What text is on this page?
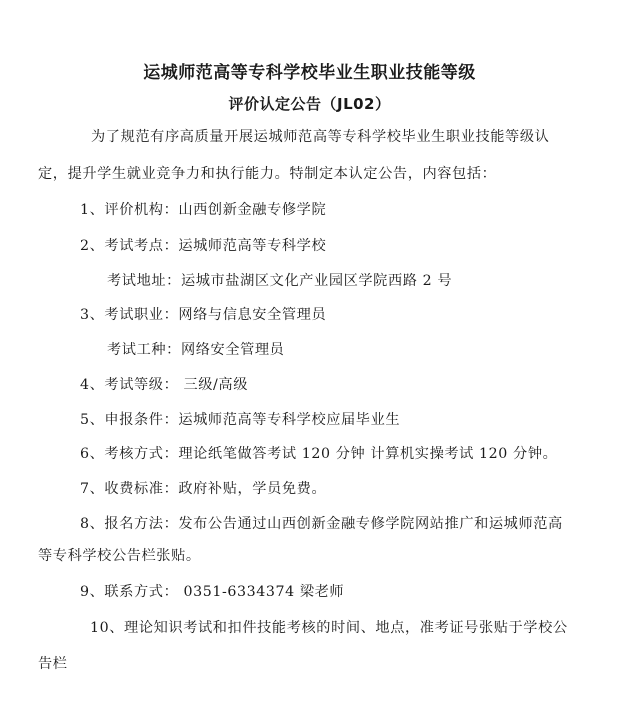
运城师范高等专科学校毕业生职业技能等级
评价认定公告（JL02）
为了规范有序高质量开展运城师范高等专科学校毕业生职业技能等级认
定，提升学生就业竞争力和执行能力。特制定本认定公告，内容包括：
1、评价机构：山西创新金融专修学院
2、考试考点：运城师范高等专科学校
考试地址：运城市盐湖区文化产业园区学院西路 2 号
3、考试职业：网络与信息安全管理员
考试工种：网络安全管理员
4、考试等级： 三级/高级
5、申报条件：运城师范高等专科学校应届毕业生
6、考核方式：理论纸笔做答考试 120 分钟 计算机实操考试 120 分钟。
7、收费标准：政府补贴，学员免费。
8、报名方法：发布公告通过山西创新金融专修学院网站推广和运城师范高
等专科学校公告栏张贴。
9、联系方式： 0351-6334374 梁老师
10、理论知识考试和扣件技能考核的时间、地点，准考证号张贴于学校公
告栏
